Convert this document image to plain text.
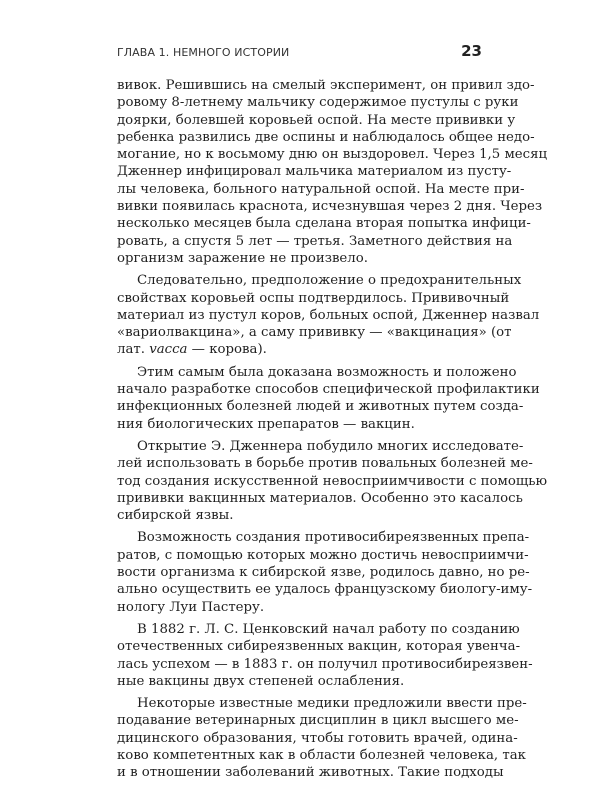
ГЛАВА 1. НЕМНОГО ИСТОРИИ	23

вивок. Решившись на смелый эксперимент, он привил здо-
ровому 8-летнему мальчику содержимое пустулы с руки
доярки, болевшей коровьей оспой. На месте прививки у
ребенка развились две оспины и наблюдалось общее недо-
могание, но к восьмому дню он выздоровел. Через 1,5 месяц
Дженнер инфицировал мальчика материалом из пусту-
лы человека, больного натуральной оспой. На месте при-
вивки появилась краснота, исчезнувшая через 2 дня. Через
несколько месяцев была сделана вторая попытка инфици-
ровать, а спустя 5 лет — третья. Заметного действия на
организм заражение не произвело.

Следовательно, предположение о предохранительных
свойствах коровьей оспы подтвердилось. Прививочный
материал из пустул коров, больных оспой, Дженнер назвал
«вариолвакцина», а саму прививку — «вакцинация» (от
лат. vacca — корова).

Этим самым была доказана возможность и положено
начало разработке способов специфической профилактики
инфекционных болезней людей и животных путем созда-
ния биологических препаратов — вакцин.

Открытие Э. Дженнера побудило многих исследовате-
лей использовать в борьбе против повальных болезней ме-
тод создания искусственной невосприимчивости с помощью
прививки вакцинных материалов. Особенно это касалось
сибирской язвы.

Возможность создания противосибиреязвенных препа-
ратов, с помощью которых можно достичь невосприимчи-
вости организма к сибирской язве, родилось давно, но ре-
ально осуществить ее удалось французскому биологу-иму-
нологу Луи Пастеру.

В 1882 г. Л. С. Ценковский начал работу по созданию
отечественных сибиреязвенных вакцин, которая увенча-
лась успехом — в 1883 г. он получил противосибиреязвен-
ные вакцины двух степеней ослабления.

Некоторые известные медики предложили ввести пре-
подавание ветеринарных дисциплин в цикл высшего ме-
дицинского образования, чтобы готовить врачей, одина-
ково компетентных как в области болезней человека, так
и в отношении заболеваний животных. Такие подходы
